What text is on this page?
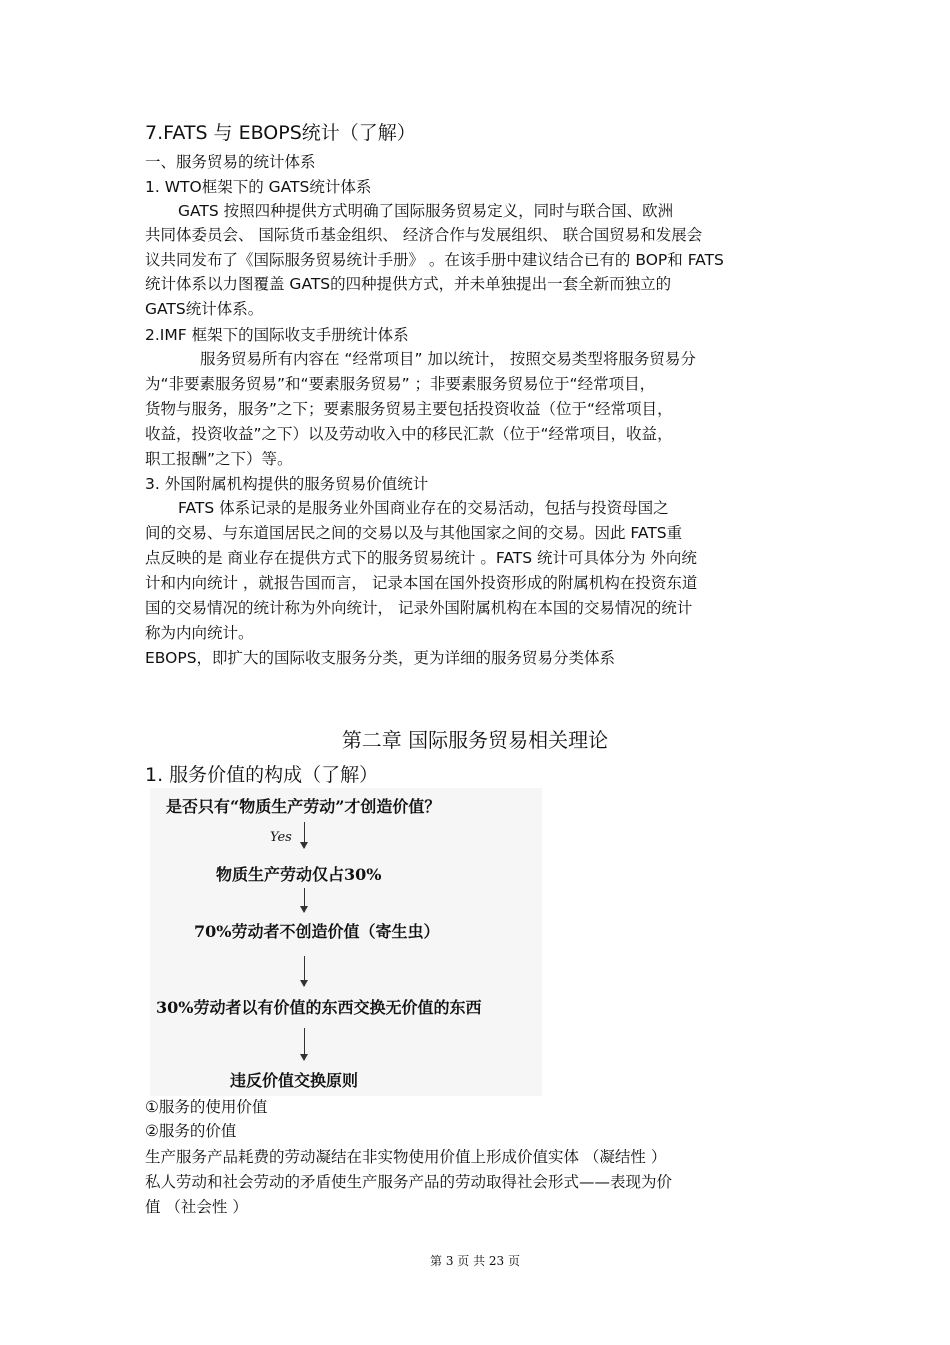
7.FATS 与 EBOPS统计（了解）
一、服务贸易的统计体系
1. WTO框架下的 GATS统计体系
GATS 按照四种提供方式明确了国际服务贸易定义，同时与联合国、欧洲
共同体委员会、 国际货币基金组织、 经济合作与发展组织、 联合国贸易和发展会
议共同发布了《国际服务贸易统计手册》 。在该手册中建议结合已有的 BOP和 FATS
统计体系以力图覆盖 GATS的四种提供方式，并未单独提出一套全新而独立的
GATS统计体系。
2.IMF 框架下的国际收支手册统计体系
服务贸易所有内容在 “经常项目” 加以统计， 按照交易类型将服务贸易分
为“非要素服务贸易”和“要素服务贸易” ；非要素服务贸易位于“经常项目，
货物与服务，服务”之下；要素服务贸易主要包括投资收益（位于“经常项目，
收益，投资收益”之下）以及劳动收入中的移民汇款（位于“经常项目，收益，
职工报酬”之下）等。
3. 外国附属机构提供的服务贸易价值统计
FATS 体系记录的是服务业外国商业存在的交易活动，包括与投资母国之
间的交易、与东道国居民之间的交易以及与其他国家之间的交易。因此 FATS重
点反映的是 商业存在提供方式下的服务贸易统计 。FATS 统计可具体分为 外向统
计和内向统计 ，就报告国而言， 记录本国在国外投资形成的附属机构在投资东道
国的交易情况的统计称为外向统计， 记录外国附属机构在本国的交易情况的统计
称为内向统计。
EBOPS，即扩大的国际收支服务分类，更为详细的服务贸易分类体系
第二章 国际服务贸易相关理论
1. 服务价值的构成（了解）
是否只有“物质生产劳动”才创造价值？
Yes
物质生产劳动仅占30%
70%劳动者不创造价值（寄生虫）
30%劳动者以有价值的东西交换无价值的东西
违反价值交换原则
①服务的使用价值
②服务的价值
生产服务产品耗费的劳动凝结在非实物使用价值上形成价值实体 （凝结性 ）
私人劳动和社会劳动的矛盾使生产服务产品的劳动取得社会形式——表现为价
值 （社会性 ）
第 3 页 共 23 页
